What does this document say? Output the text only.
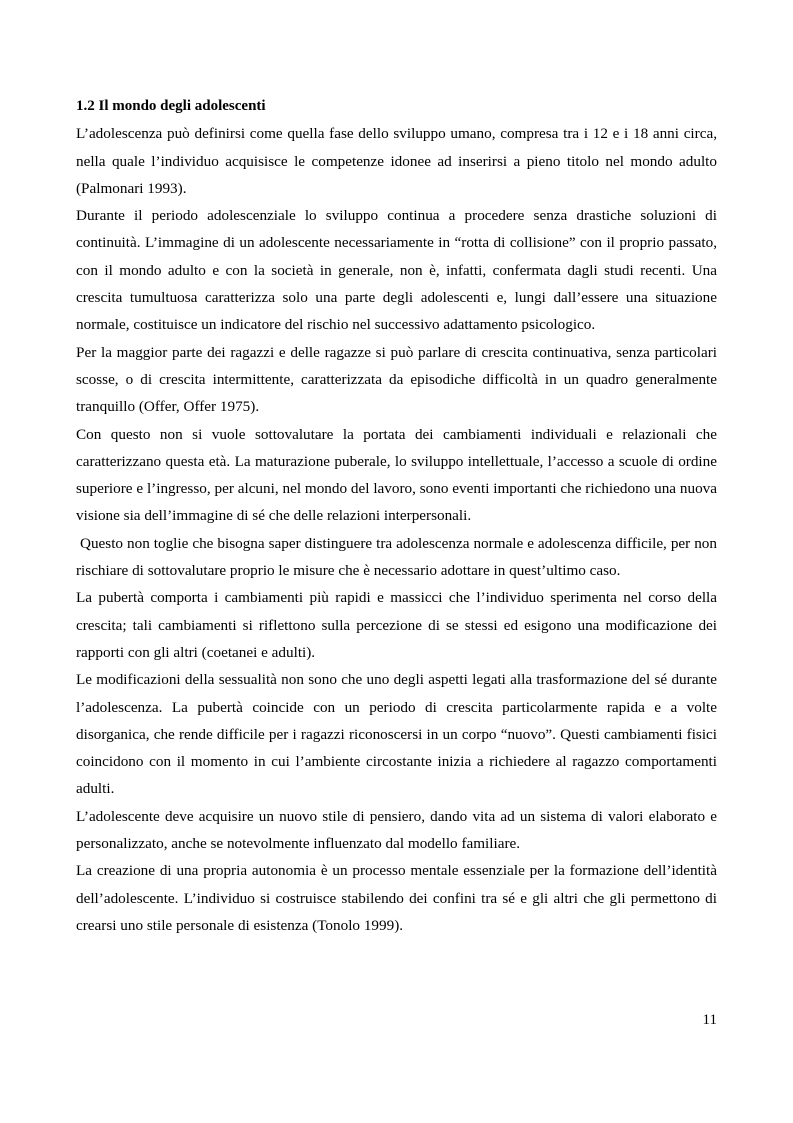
1.2 Il mondo degli adolescenti

L’adolescenza può definirsi come quella fase dello sviluppo umano, compresa tra i 12 e i 18 anni circa, nella quale l’individuo acquisisce le competenze idonee ad inserirsi a pieno titolo nel mondo adulto (Palmonari 1993).

Durante il periodo adolescenziale lo sviluppo continua a procedere senza drastiche soluzioni di continuità. L’immagine di un adolescente necessariamente in “rotta di collisione” con il proprio passato, con il mondo adulto e con la società in generale, non è, infatti, confermata dagli studi recenti. Una crescita tumultuosa caratterizza solo una parte degli adolescenti e, lungi dall’essere una situazione normale, costituisce un indicatore del rischio nel successivo adattamento psicologico.

Per la maggior parte dei ragazzi e delle ragazze si può parlare di crescita continuativa, senza particolari scosse, o di crescita intermittente, caratterizzata da episodiche difficoltà in un quadro generalmente tranquillo (Offer, Offer 1975).

Con questo non si vuole sottovalutare la portata dei cambiamenti individuali e relazionali che caratterizzano questa età. La maturazione puberale, lo sviluppo intellettuale, l’accesso a scuole di ordine superiore e l’ingresso, per alcuni, nel mondo del lavoro, sono eventi importanti che richiedono una nuova visione sia dell’immagine di sé che delle relazioni interpersonali.

Questo non toglie che bisogna saper distinguere tra adolescenza normale e adolescenza difficile, per non rischiare di sottovalutare proprio le misure che è necessario adottare in quest’ultimo caso.

La pubertà comporta i cambiamenti più rapidi e massicci che l’individuo sperimenta nel corso della crescita; tali cambiamenti si riflettono sulla percezione di se stessi ed esigono una modificazione dei rapporti con gli altri (coetanei e adulti).

Le modificazioni della sessualità non sono che uno degli aspetti legati alla trasformazione del sé durante l’adolescenza. La pubertà coincide con un periodo di crescita particolarmente rapida e a volte disorganica, che rende difficile per i ragazzi riconoscersi in un corpo “nuovo”. Questi cambiamenti fisici coincidono con il momento in cui l’ambiente circostante inizia a richiedere al ragazzo comportamenti adulti.

L’adolescente deve acquisire un nuovo stile di pensiero, dando vita ad un sistema di valori elaborato e personalizzato, anche se notevolmente influenzato dal modello familiare.

La creazione di una propria autonomia è un processo mentale essenziale per la formazione dell’identità dell’adolescente. L’individuo si costruisce stabilendo dei confini tra sé e gli altri che gli permettono di crearsi uno stile personale di esistenza (Tonolo 1999).

11
